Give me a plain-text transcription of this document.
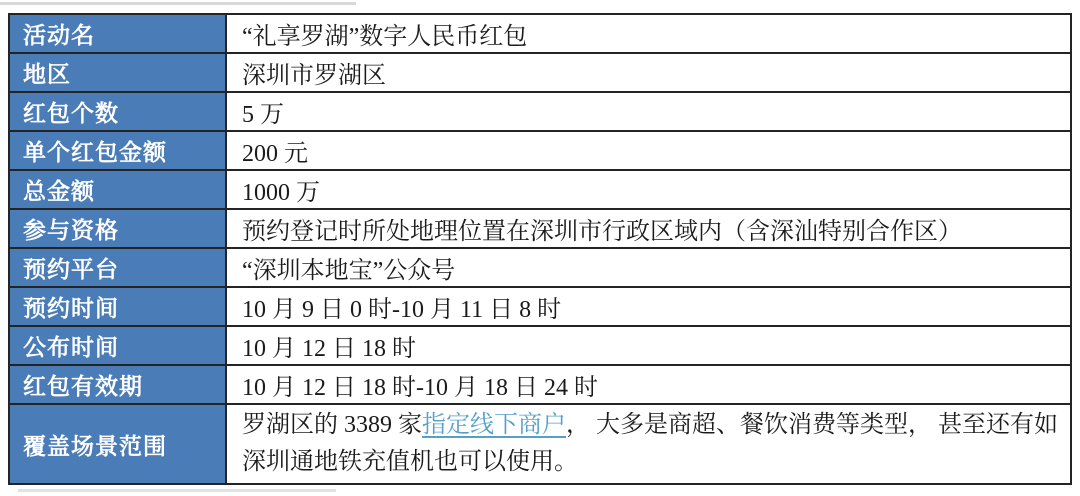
活动名	“礼享罗湖”数字人民币红包
地区	深圳市罗湖区
红包个数	5 万
单个红包金额	200 元
总金额	1000 万
参与资格	预约登记时所处地理位置在深圳市行政区域内（含深汕特别合作区）
预约平台	“深圳本地宝”公众号
预约时间	10 月 9 日 0 时-10 月 11 日 8 时
公布时间	10 月 12 日 18 时
红包有效期	10 月 12 日 18 时-10 月 18 日 24 时
覆盖场景范围	罗湖区的 3389 家指定线下商户， 大多是商超、餐饮消费等类型， 甚至还有如深圳通地铁充值机也可以使用。
